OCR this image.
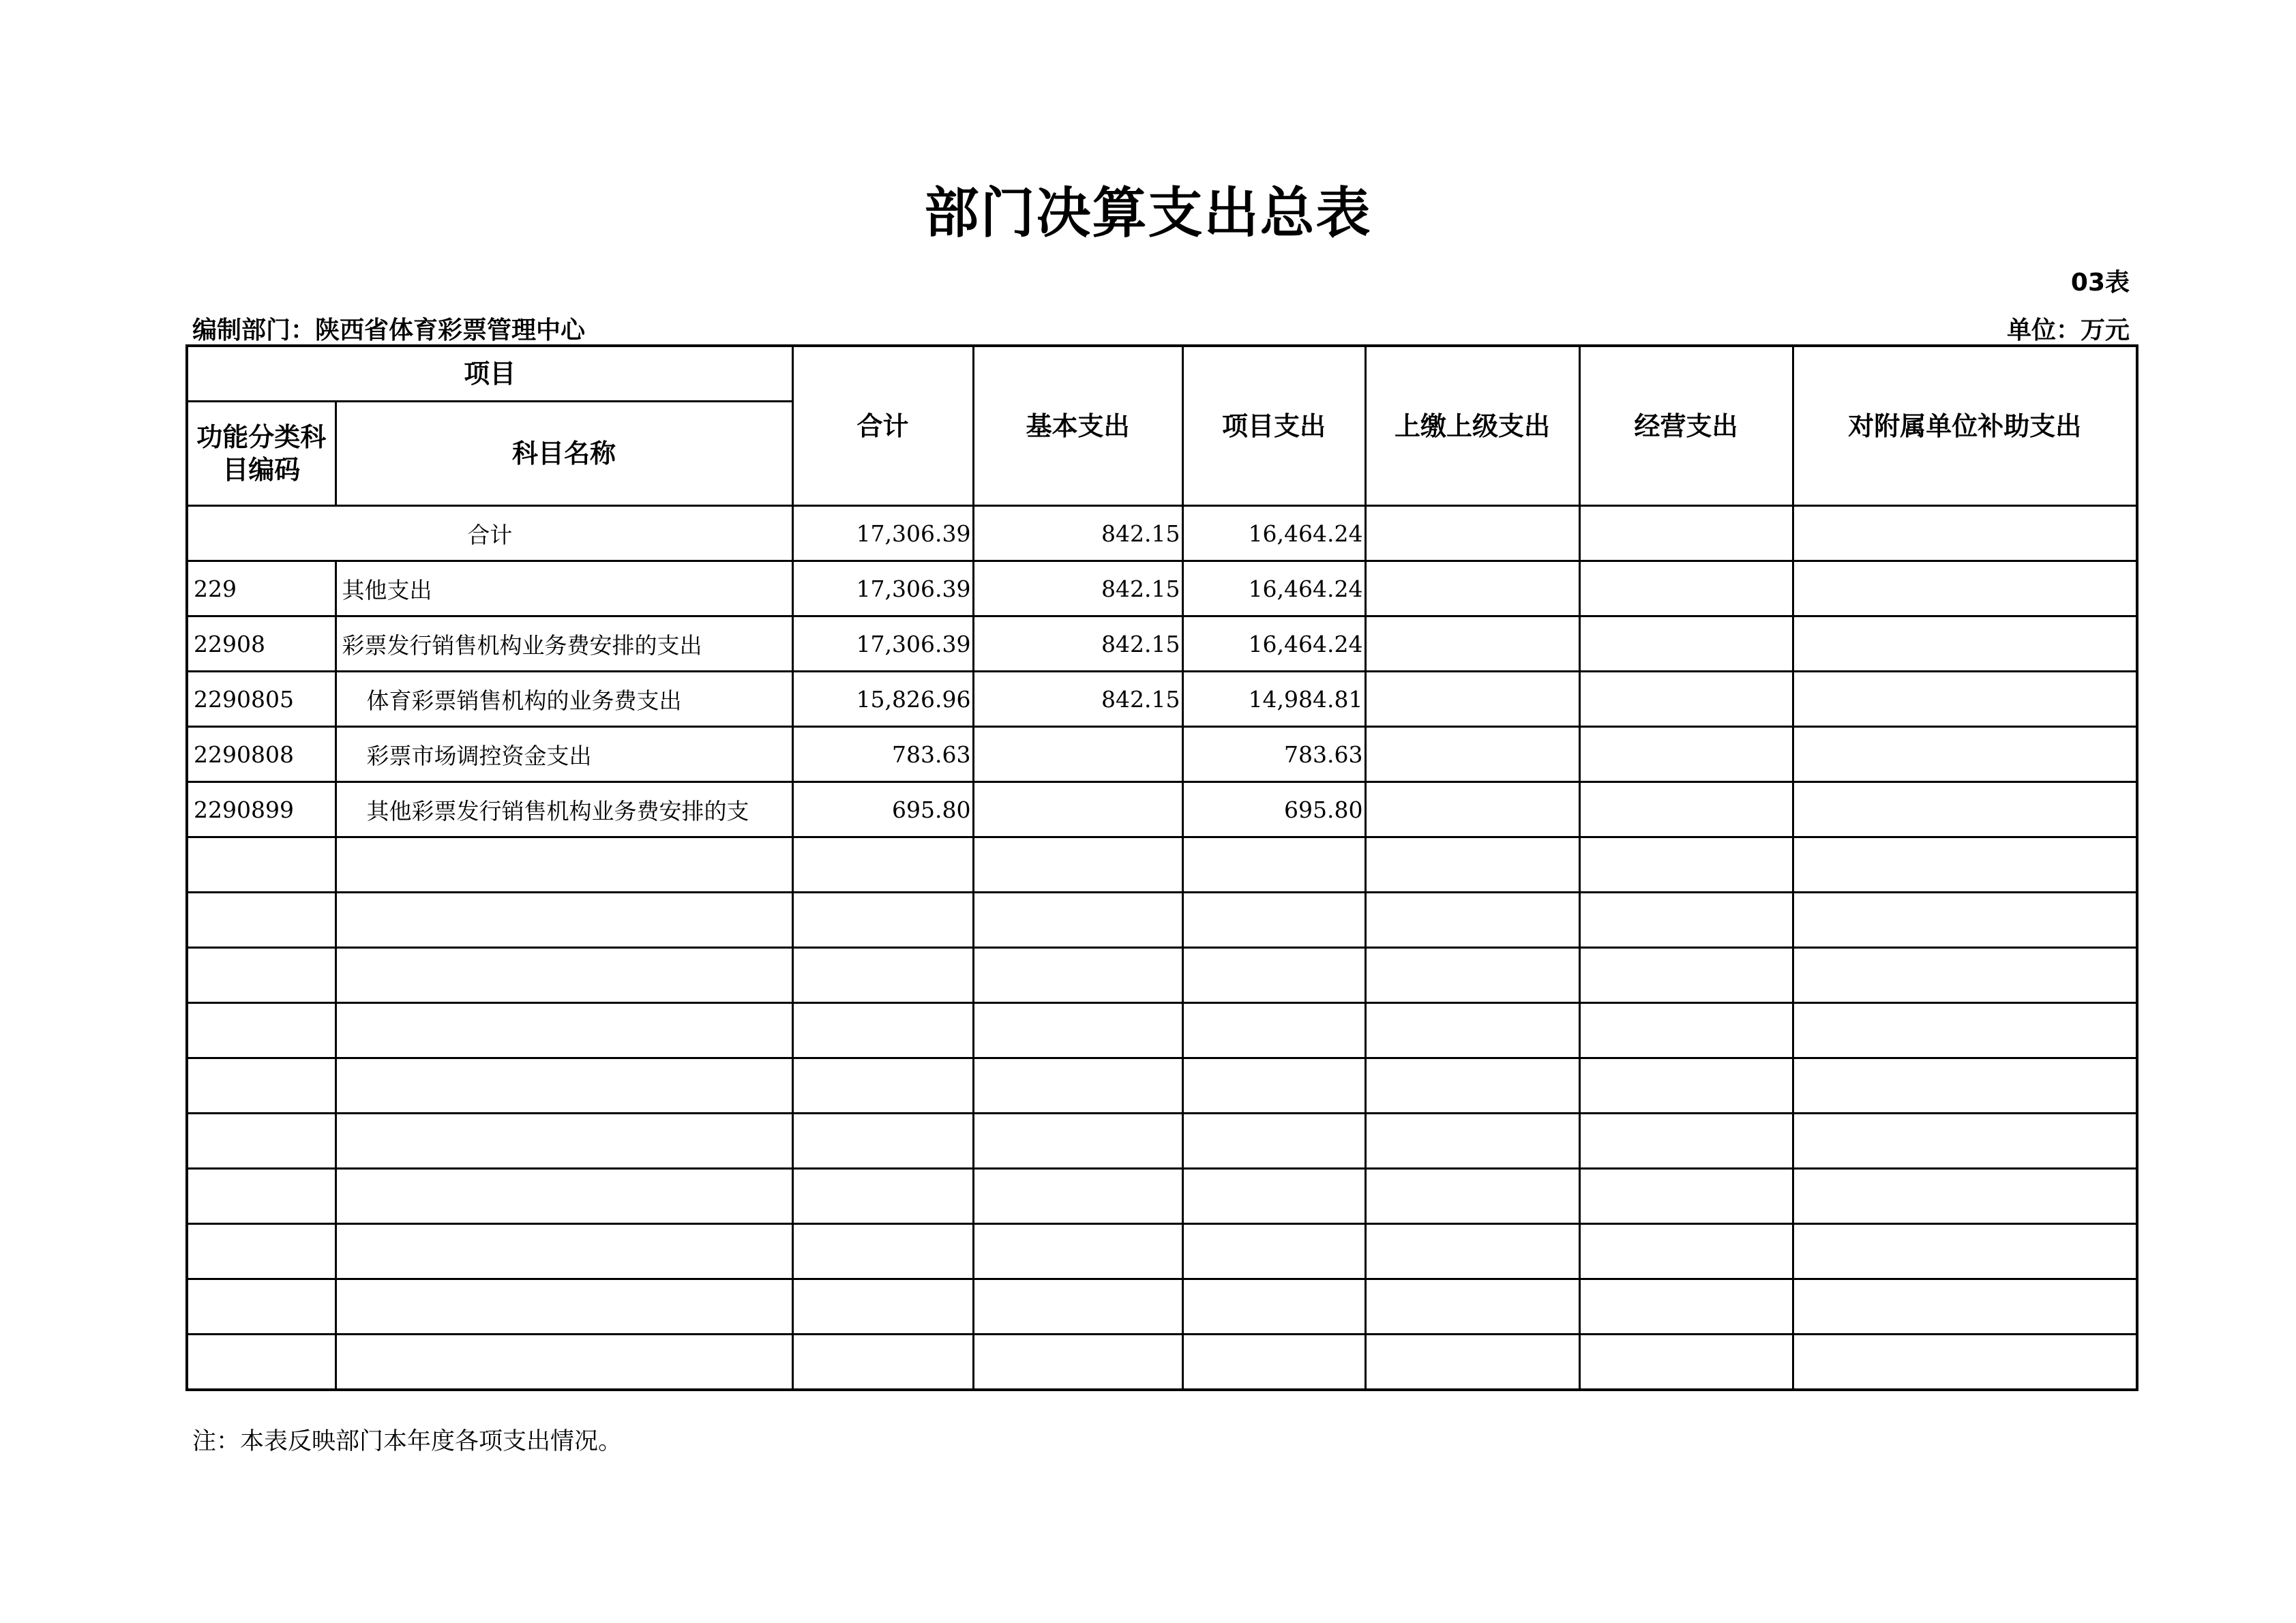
部门决算支出总表
03表
编制部门：陕西省体育彩票管理中心	单位：万元
项目		合计	基本支出	项目支出	上缴上级支出	经营支出	对附属单位补助支出
功能分类科目编码	科目名称						
合计		17,306.39	842.15	16,464.24			
229	其他支出	17,306.39	842.15	16,464.24			
22908	彩票发行销售机构业务费安排的支出	17,306.39	842.15	16,464.24			
2290805	体育彩票销售机构的业务费支出	15,826.96	842.15	14,984.81			
2290808	彩票市场调控资金支出	783.63		783.63			
2290899	其他彩票发行销售机构业务费安排的支	695.80		695.80			

注：本表反映部门本年度各项支出情况。
